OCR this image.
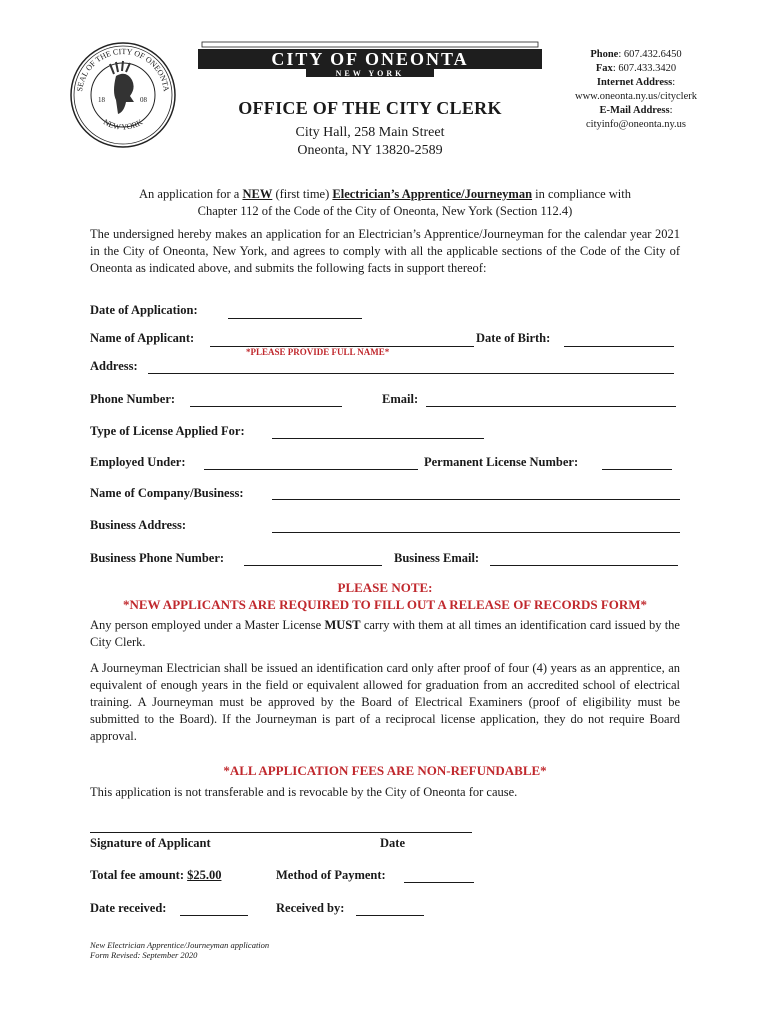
SEAL OF THE CITY OF ONEONTA
NEW YORK
18	08
CITY OF ONEONTA
NEW YORK
OFFICE OF THE CITY CLERK
City Hall, 258 Main Street
Oneonta, NY 13820-2589
Phone: 607.432.6450
Fax: 607.433.3420
Internet Address:
www.oneonta.ny.us/cityclerk
E-Mail Address:
cityinfo@oneonta.ny.us
An application for a NEW (first time) Electrician’s Apprentice/Journeyman in compliance with
Chapter 112 of the Code of the City of Oneonta, New York (Section 112.4)
The undersigned hereby makes an application for an Electrician’s Apprentice/Journeyman for the calendar year 2021 in the City of Oneonta, New York, and agrees to comply with all the applicable sections of the Code of the City of Oneonta as indicated above, and submits the following facts in support thereof:
Date of Application:
Name of Applicant:	Date of Birth:
*PLEASE PROVIDE FULL NAME*
Address:
Phone Number:	Email:
Type of License Applied For:
Employed Under:	Permanent License Number:
Name of Company/Business:
Business Address:
Business Phone Number:	Business Email:
PLEASE NOTE:
*NEW APPLICANTS ARE REQUIRED TO FILL OUT A RELEASE OF RECORDS FORM*
Any person employed under a Master License MUST carry with them at all times an identification card issued by the City Clerk.
A Journeyman Electrician shall be issued an identification card only after proof of four (4) years as an apprentice, an equivalent of enough years in the field or equivalent allowed for graduation from an accredited school of electrical training. A Journeyman must be approved by the Board of Electrical Examiners (proof of eligibility must be submitted to the Board). If the Journeyman is part of a reciprocal license application, they do not require Board approval.
*ALL APPLICATION FEES ARE NON-REFUNDABLE*
This application is not transferable and is revocable by the City of Oneonta for cause.
Signature of Applicant	Date
Total fee amount: $25.00	Method of Payment:
Date received:	Received by:
New Electrician Apprentice/Journeyman application
Form Revised: September 2020
